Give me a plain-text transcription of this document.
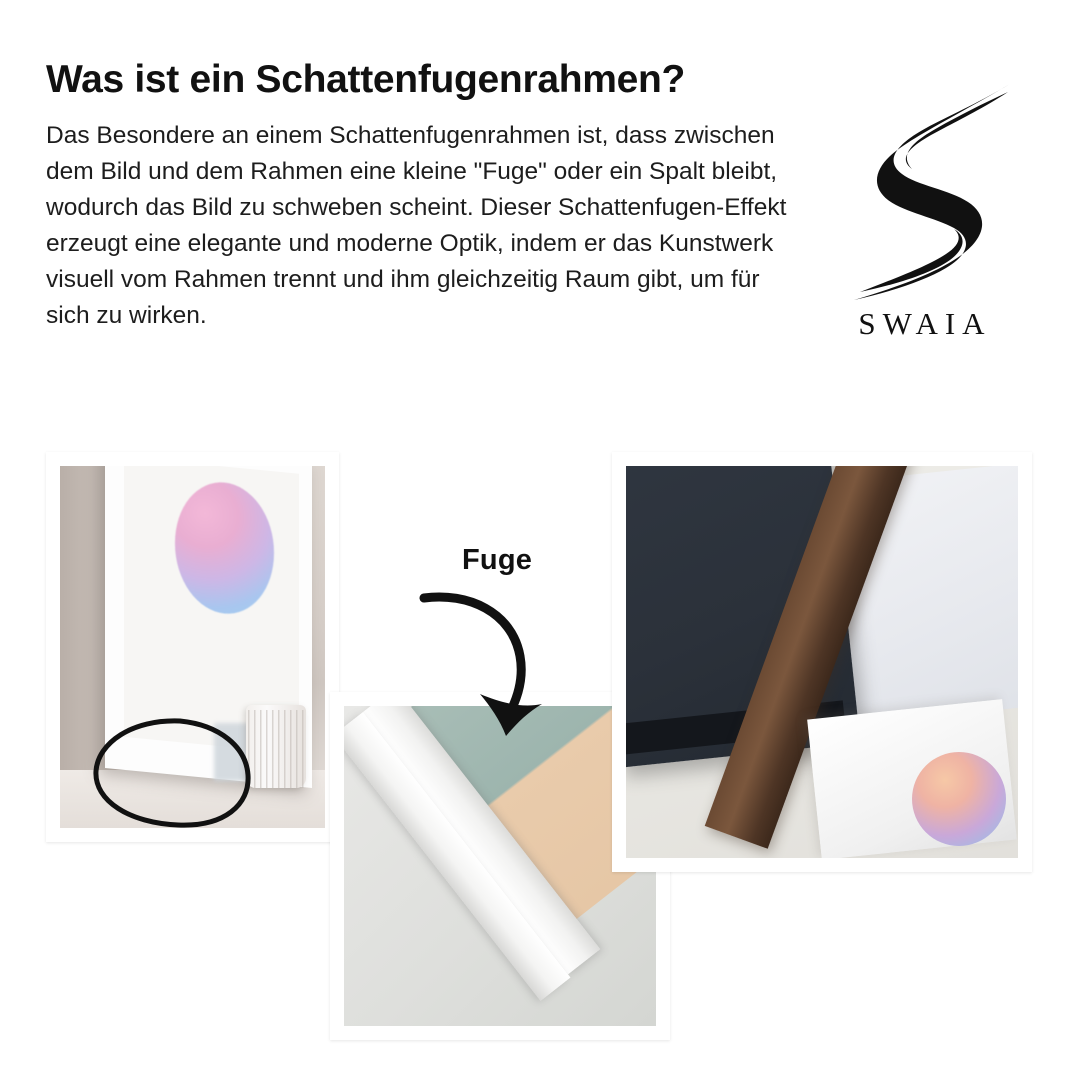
Was ist ein Schattenfugenrahmen?
Das Besondere an einem Schattenfugenrahmen ist, dass zwischen dem Bild und dem Rahmen eine kleine "Fuge" oder ein Spalt bleibt, wodurch das Bild zu schweben scheint. Dieser Schattenfugen-Effekt erzeugt eine elegante und moderne Optik, indem er das Kunstwerk visuell vom Rahmen trennt und ihm gleichzeitig Raum gibt, um für sich zu wirken.	SWAIA
Fuge
